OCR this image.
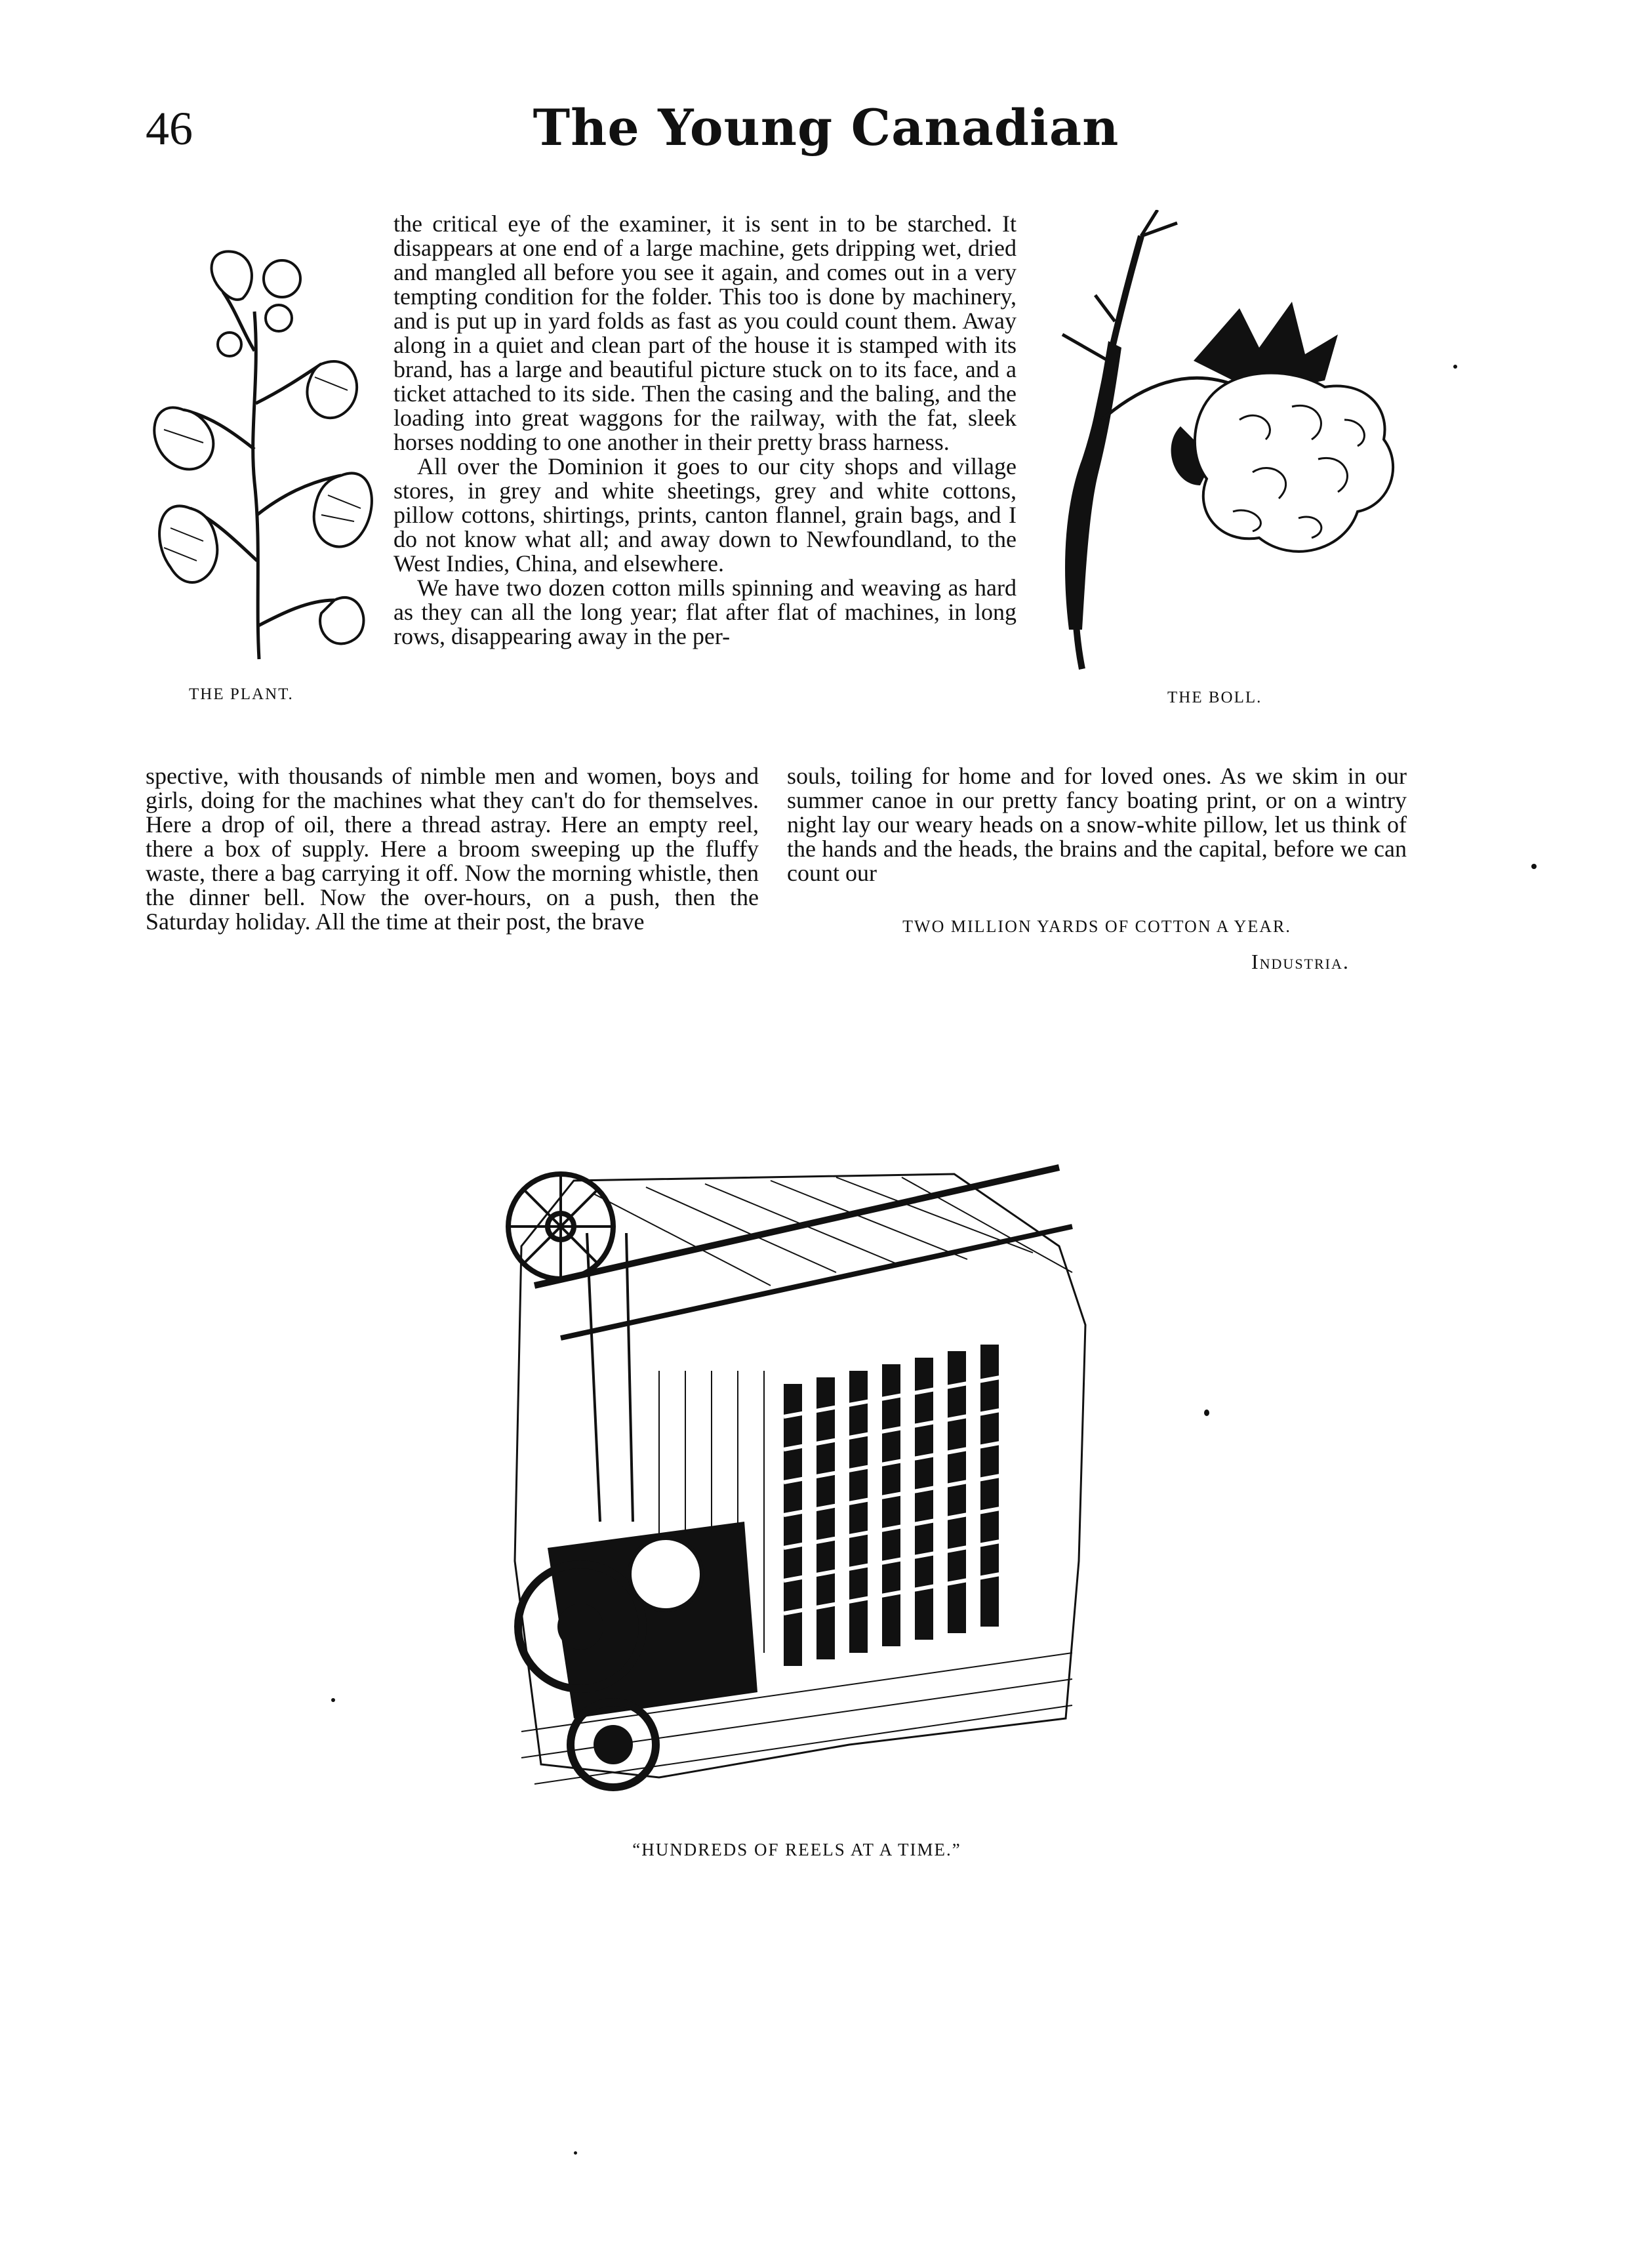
46	The Young Canadian
THE PLANT.	THE BOLL.

the critical eye of the examiner, it is sent in to be starched. It disappears at one end of a large machine, gets dripping wet, dried and mangled all before you see it again, and comes out in a very tempting condition for the folder. This too is done by machinery, and is put up in yard folds as fast as you could count them. Away along in a quiet and clean part of the house it is stamped with its brand, has a large and beautiful picture stuck on to its face, and a ticket attached to its side. Then the casing and the baling, and the loading into great waggons for the railway, with the fat, sleek horses nodding to one another in their pretty brass harness.

All over the Dominion it goes to our city shops and village stores, in grey and white sheetings, grey and white cottons, pillow cottons, shirtings, prints, canton flannel, grain bags, and I do not know what all; and away down to Newfoundland, to the West Indies, China, and elsewhere.

We have two dozen cotton mills spinning and weaving as hard as they can all the long year; flat after flat of machines, in long rows, disappearing away in the per-

spective, with thousands of nimble men and women, boys and girls, doing for the machines what they can't do for themselves. Here a drop of oil, there a thread astray. Here an empty reel, there a box of supply. Here a broom sweeping up the fluffy waste, there a bag carrying it off. Now the morning whistle, then the dinner bell. Now the over-hours, on a push, then the Saturday holiday. All the time at their post, the brave

souls, toiling for home and for loved ones. As we skim in our summer canoe in our pretty fancy boating print, or on a wintry night lay our weary heads on a snow-white pillow, let us think of the hands and the heads, the brains and the capital, before we can count our

TWO MILLION YARDS OF COTTON A YEAR.
Industria.
“HUNDREDS OF REELS AT A TIME.”
